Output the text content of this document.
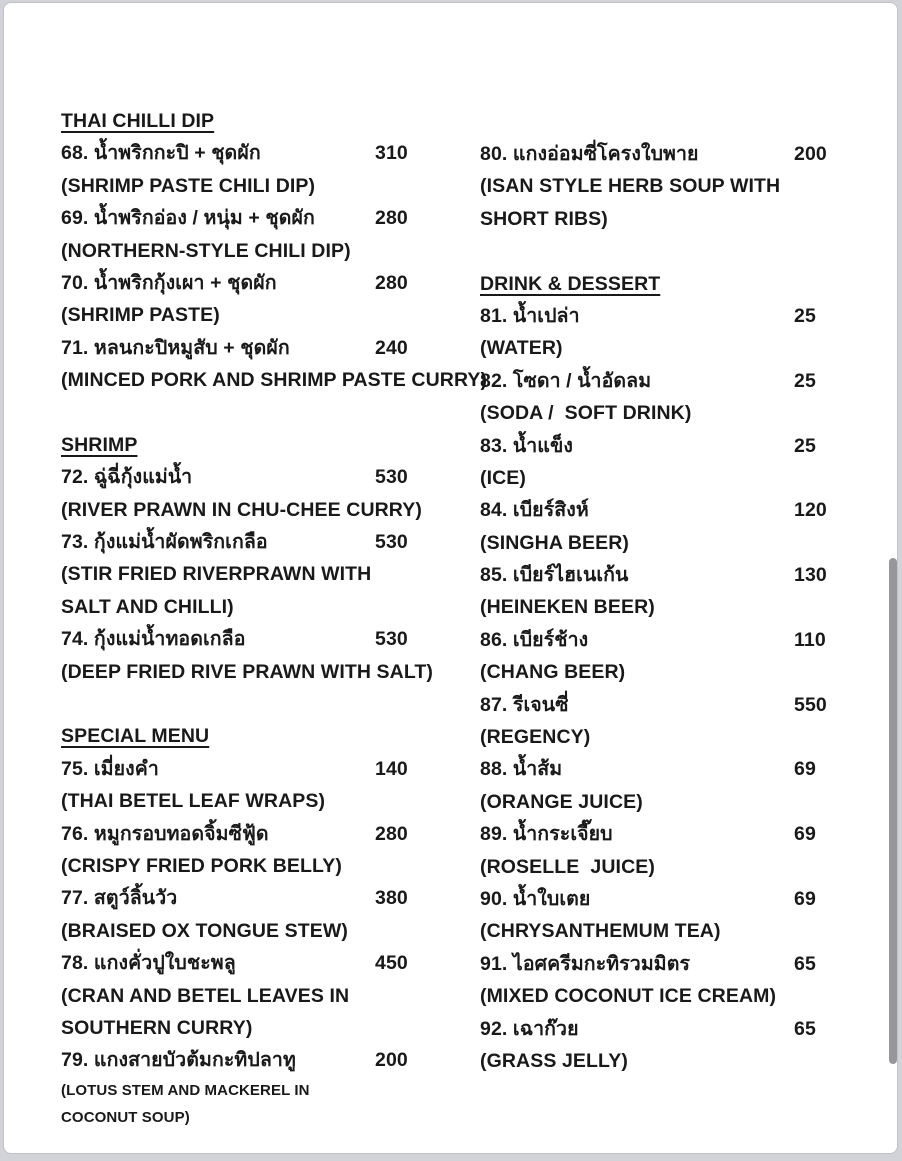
THAI CHILLI DIP
68. น้ำพริกกะปิ + ชุดผัก	310
(SHRIMP PASTE CHILI DIP)
69. น้ำพริกอ่อง / หนุ่ม + ชุดผัก	280
(NORTHERN-STYLE CHILI DIP)
70. น้ำพริกกุ้งเผา + ชุดผัก	280
(SHRIMP PASTE)
71. หลนกะปิหมูสับ + ชุดผัก	240
(MINCED PORK AND SHRIMP PASTE CURRY)
SHRIMP
72. ฉู่ฉี่กุ้งแม่น้ำ	530
(RIVER PRAWN IN CHU-CHEE CURRY)
73. กุ้งแม่น้ำผัดพริกเกลือ	530
(STIR FRIED RIVERPRAWN WITH
SALT AND CHILLI)
74. กุ้งแม่น้ำทอดเกลือ	530
(DEEP FRIED RIVE PRAWN WITH SALT)
SPECIAL MENU
75. เมี่ยงคำ	140
(THAI BETEL LEAF WRAPS)
76. หมูกรอบทอดจิ้มซีฟู้ด	280
(CRISPY FRIED PORK BELLY)
77. สตูว์ลิ้นวัว	380
(BRAISED OX TONGUE STEW)
78. แกงคั่วปูใบชะพลู	450
(CRAN AND BETEL LEAVES IN
SOUTHERN CURRY)
79. แกงสายบัวต้มกะทิปลาทู	200
(LOTUS STEM AND MACKEREL IN
COCONUT SOUP)
80. แกงอ่อมซี่โครงใบพาย	200
(ISAN STYLE HERB SOUP WITH
SHORT RIBS)
DRINK & DESSERT
81. น้ำเปล่า	25
(WATER)
82. โซดา / น้ำอัดลม	25
(SODA /  SOFT DRINK)
83. น้ำแข็ง	25
(ICE)
84. เบียร์สิงห์	120
(SINGHA BEER)
85. เบียร์ไฮเนเก้น	130
(HEINEKEN BEER)
86. เบียร์ช้าง	110
(CHANG BEER)
87. รีเจนซี่	550
(REGENCY)
88. น้ำส้ม	69
(ORANGE JUICE)
89. น้ำกระเจี๊ยบ	69
(ROSELLE  JUICE)
90. น้ำใบเตย	69
(CHRYSANTHEMUM TEA)
91. ไอศครีมกะทิรวมมิตร	65
(MIXED COCONUT ICE CREAM)
92. เฉาก๊วย	65
(GRASS JELLY)
